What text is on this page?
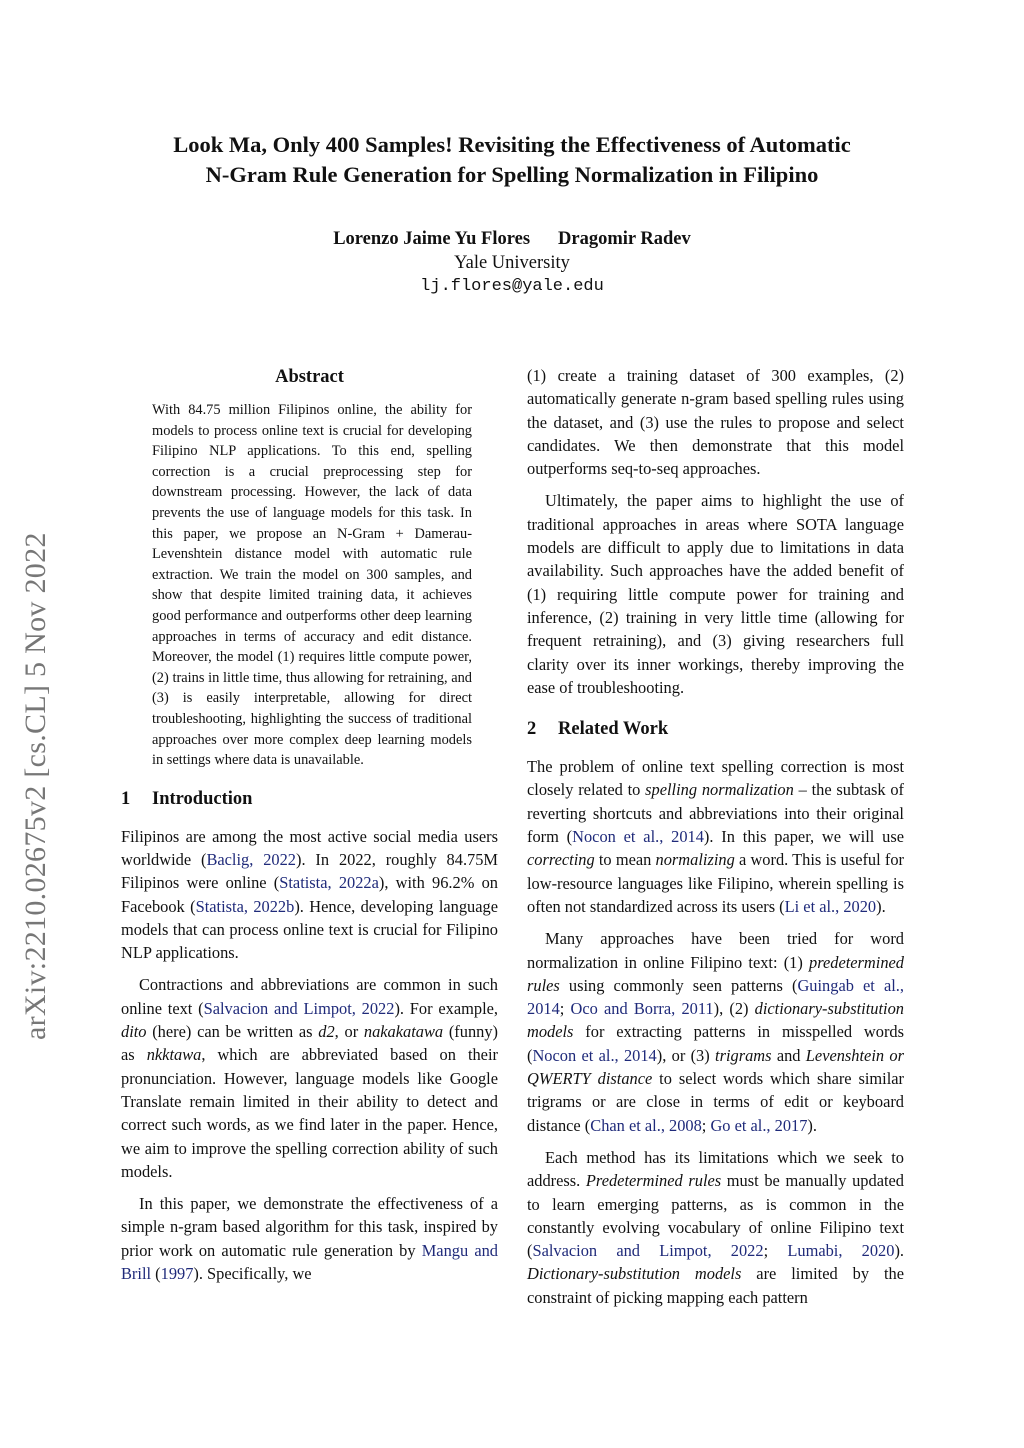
Look Ma, Only 400 Samples! Revisiting the Effectiveness of Automatic
N-Gram Rule Generation for Spelling Normalization in Filipino
Lorenzo Jaime Yu Flores Dragomir Radev
Yale University
lj.flores@yale.edu
arXiv:2210.02675v2 [cs.CL] 5 Nov 2022
Abstract
With 84.75 million Filipinos online, the ability for models to process online text is crucial for developing Filipino NLP applications. To this end, spelling correction is a crucial preprocessing step for downstream processing. However, the lack of data prevents the use of language models for this task. In this paper, we propose an N-Gram + Damerau-Levenshtein distance model with automatic rule extraction. We train the model on 300 samples, and show that despite limited training data, it achieves good performance and outperforms other deep learning approaches in terms of accuracy and edit distance. Moreover, the model (1) requires little compute power, (2) trains in little time, thus allowing for retraining, and (3) is easily interpretable, allowing for direct troubleshooting, highlighting the success of traditional approaches over more complex deep learning models in settings where data is unavailable.
1 Introduction

Filipinos are among the most active social media users worldwide (Baclig, 2022). In 2022, roughly 84.75M Filipinos were online (Statista, 2022a), with 96.2% on Facebook (Statista, 2022b). Hence, developing language models that can process online text is crucial for Filipino NLP applications.

Contractions and abbreviations are common in such online text (Salvacion and Limpot, 2022). For example, dito (here) can be written as d2, or nakakatawa (funny) as nkktawa, which are abbreviated based on their pronunciation. However, language models like Google Translate remain limited in their ability to detect and correct such words, as we find later in the paper. Hence, we aim to improve the spelling correction ability of such models.

In this paper, we demonstrate the effectiveness of a simple n-gram based algorithm for this task, inspired by prior work on automatic rule generation by Mangu and Brill (1997). Specifically, we

(1) create a training dataset of 300 examples, (2) automatically generate n-gram based spelling rules using the dataset, and (3) use the rules to propose and select candidates. We then demonstrate that this model outperforms seq-to-seq approaches.

Ultimately, the paper aims to highlight the use of traditional approaches in areas where SOTA language models are difficult to apply due to limitations in data availability. Such approaches have the added benefit of (1) requiring little compute power for training and inference, (2) training in very little time (allowing for frequent retraining), and (3) giving researchers full clarity over its inner workings, thereby improving the ease of troubleshooting.

2 Related Work

The problem of online text spelling correction is most closely related to spelling normalization – the subtask of reverting shortcuts and abbreviations into their original form (Nocon et al., 2014). In this paper, we will use correcting to mean normalizing a word. This is useful for low-resource languages like Filipino, wherein spelling is often not standardized across its users (Li et al., 2020).

Many approaches have been tried for word normalization in online Filipino text: (1) predetermined rules using commonly seen patterns (Guingab et al., 2014; Oco and Borra, 2011), (2) dictionary-substitution models for extracting patterns in misspelled words (Nocon et al., 2014), or (3) trigrams and Levenshtein or QWERTY distance to select words which share similar trigrams or are close in terms of edit or keyboard distance (Chan et al., 2008; Go et al., 2017).

Each method has its limitations which we seek to address. Predetermined rules must be manually updated to learn emerging patterns, as is common in the constantly evolving vocabulary of online Filipino text (Salvacion and Limpot, 2022; Lumabi, 2020). Dictionary-substitution models are limited by the constraint of picking mapping each pattern
